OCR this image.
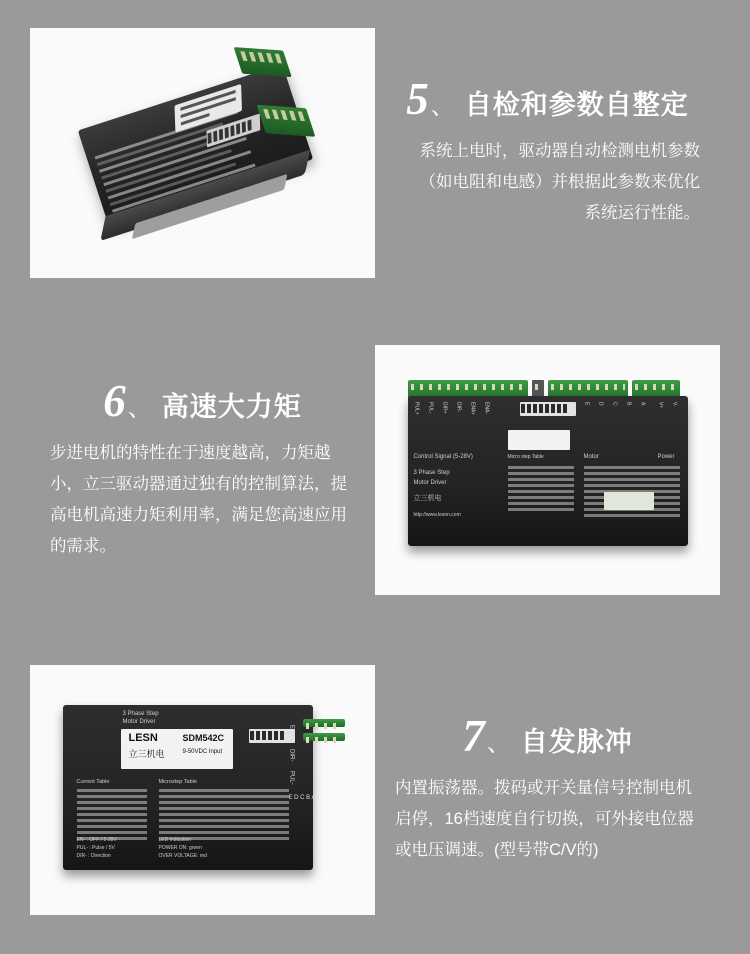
5 、 自检和参数自整定
系统上电时，驱动器自动检测电机参数（如电阻和电感）并根据此参数来优化系统运行性能。
6 、 高速大力矩
步进电机的特性在于速度越高，力矩越小，立三驱动器通过独有的控制算法，提高电机高速力矩利用率，满足您高速应用的需求。
PUL+ PUL- DIR+ DIR- ENA+ ENA-
Control Signal (5-28V)
E D C B A
Motor
V+ V-
Power
Micro step Table
3 Phase Step
Motor Driver
立三机电
http://www.lesnn.com
3 Phase Step
Motor Driver
LESN
立三机电
SDM542C
9-50VDC Input
Current Table	Microstep Table
EN- : OFF / 5-28V
PUL- : Pulse / 5V
DIR- : Direction
LED Indication
POWER ON: green
OVER VOLTAGE: red
ENA-
DIR-
PUL-
E D C B A
7 、 自发脉冲
内置振荡器。拨码或开关量信号控制电机启停，16档速度自行切换，可外接电位器或电压调速。(型号带C/V的)
